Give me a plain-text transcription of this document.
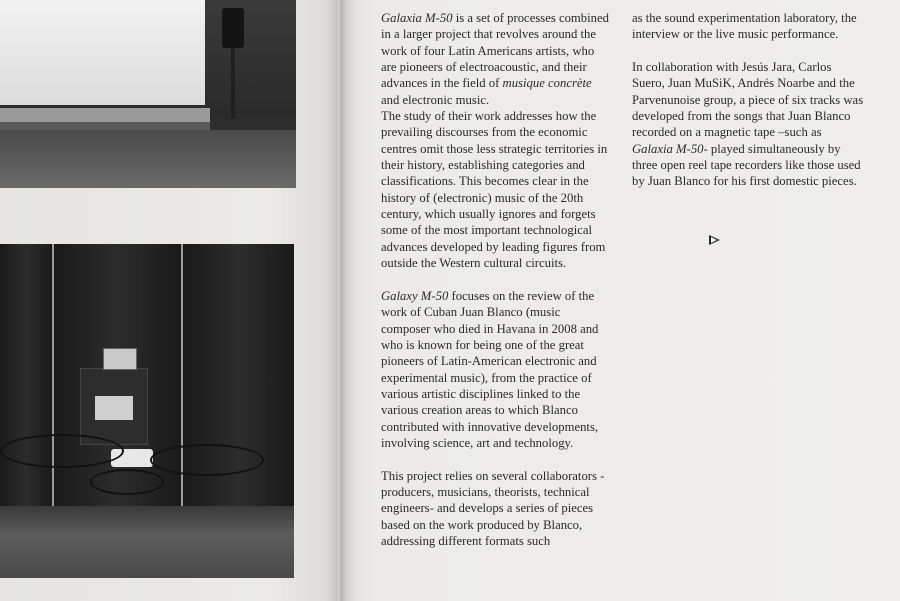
Galaxia M-50 is a set of processes combined in a larger project that revolves around the work of four Latin Americans artists, who are pioneers of electroacoustic, and their advances in the field of musique concrète and electronic music.
The study of their work addresses how the prevailing discourses from the economic centres omit those less strategic territories in their history, establishing categories and classifications. This becomes clear in the history of (electronic) music of the 20th century, which usually ignores and forgets some of the most important technological advances developed by leading figures from outside the Western cultural circuits.

Galaxy M-50 focuses on the review of the work of Cuban Juan Blanco (music composer who died in Havana in 2008 and who is known for being one of the great pioneers of Latin-American electronic and experimental music), from the practice of various artistic disciplines linked to the various creation areas to which Blanco contributed with innovative developments, involving science, art and technology.

This project relies on several collaborators -producers, musicians, theorists, technical engineers- and develops a series of pieces based on the work produced by Blanco, addressing different formats such

as the sound experimentation laboratory, the interview or the live music performance.

In collaboration with Jesús Jara, Carlos Suero, Juan MuSiK, Andrés Noarbe and the Parvenunoise group, a piece of six tracks was developed from the songs that Juan Blanco recorded on a magnetic tape –such as Galaxia M-50- played simultaneously by three open reel tape recorders like those used by Juan Blanco for his first domestic pieces.
